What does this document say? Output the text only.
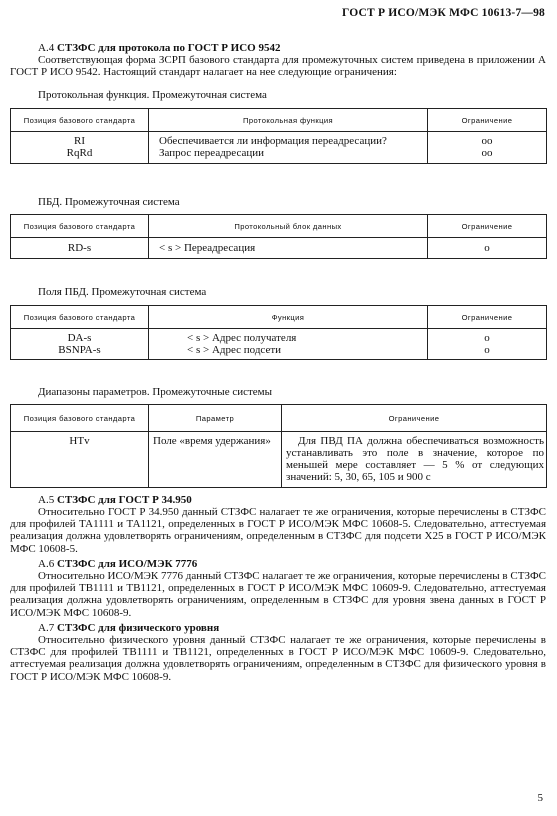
ГОСТ Р ИСО/МЭК МФС 10613-7—98
А.4 СТЗФС для протокола по ГОСТ Р ИСО 9542
Соответствующая форма ЗСРП базового стандарта для промежуточных систем приведена в приложении А ГОСТ Р ИСО 9542. Настоящий стандарт налагает на нее следующие ограничения:
Протокольная функция. Промежуточная система
Позиция базового стандарта	Протокольная функция	Ограничение
RI	Обеспечивается ли информация переадресации?	oo
RqRd	Запрос переадресации	oo
ПБД. Промежуточная система
Позиция базового стандарта	Протокольный блок данных	Ограничение
RD-s	< s > Переадресация	o
Поля ПБД. Промежуточная система
Позиция базового стандарта	Функция	Ограничение
DA-s	< s > Адрес получателя	o
BSNPA-s	< s > Адрес подсети	o
Диапазоны параметров. Промежуточные системы
Позиция базового стандарта	Параметр	Ограничение
HTv	Поле «время удержания»	Для ПВД ПА должна обеспечиваться возможность устанавливать это поле в значение, которое по меньшей мере составляет — 5 % от следующих значений: 5, 30, 65, 105 и 900 с
А.5 СТЗФС для ГОСТ Р 34.950
Относительно ГОСТ Р 34.950 данный СТЗФС налагает те же ограничения, которые перечислены в СТЗФС для профилей ТА1111 и ТА1121, определенных в ГОСТ Р ИСО/МЭК МФС 10608-5. Следовательно, аттестуемая реализация должна удовлетворять ограничениям, определенным в СТЗФС для подсети Х25 в ГОСТ Р ИСО/МЭК МФС 10608-5.
А.6 СТЗФС для ИСО/МЭК 7776
Относительно ИСО/МЭК 7776 данный СТЗФС налагает те же ограничения, которые перечислены в СТЗФС для профилей ТВ1111 и ТВ1121, определенных в ГОСТ Р ИСО/МЭК МФС 10609-9. Следовательно, аттестуемая реализация должна удовлетворять ограничениям, определенным в СТЗФС для уровня звена данных в ГОСТ Р ИСО/МЭК МФС 10608-9.
А.7 СТЗФС для физического уровня
Относительно физического уровня данный СТЗФС налагает те же ограничения, которые перечислены в СТЗФС для профилей ТВ1111 и ТВ1121, определенных в ГОСТ Р ИСО/МЭК МФС 10609-9. Следовательно, аттестуемая реализация должна удовлетворять ограничениям, определенным в СТЗФС для физического уровня в ГОСТ Р ИСО/МЭК МФС 10608-9.
5
